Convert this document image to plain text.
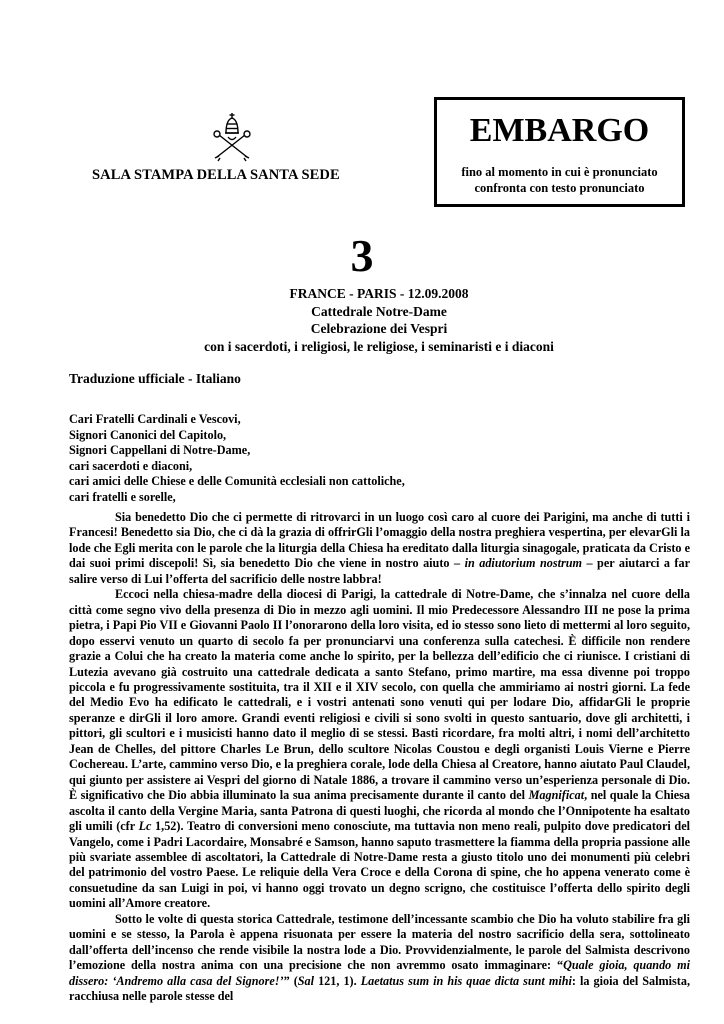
SALA STAMPA DELLA SANTA SEDE
EMBARGO
fino al momento in cui è pronunciato
confronta con testo pronunciato
3
FRANCE - PARIS - 12.09.2008
Cattedrale Notre-Dame
Celebrazione dei Vespri
con i sacerdoti, i religiosi, le religiose, i seminaristi e i diaconi
Traduzione ufficiale - Italiano
Cari Fratelli Cardinali e Vescovi,
Signori Canonici del Capitolo,
Signori Cappellani di Notre-Dame,
cari sacerdoti e diaconi,
cari amici delle Chiese e delle Comunità ecclesiali non cattoliche,
cari fratelli e sorelle,

Sia benedetto Dio che ci permette di ritrovarci in un luogo così caro al cuore dei Parigini, ma anche di tutti i Francesi! Benedetto sia Dio, che ci dà la grazia di offrirGli l’omaggio della nostra preghiera vespertina, per elevarGli la lode che Egli merita con le parole che la liturgia della Chiesa ha ereditato dalla liturgia sinagogale, praticata da Cristo e dai suoi primi discepoli! Sì, sia benedetto Dio che viene in nostro aiuto – in adiutorium nostrum – per aiutarci a far salire verso di Lui l’offerta del sacrificio delle nostre labbra!

Eccoci nella chiesa-madre della diocesi di Parigi, la cattedrale di Notre-Dame, che s’innalza nel cuore della città come segno vivo della presenza di Dio in mezzo agli uomini. Il mio Predecessore Alessandro III ne pose la prima pietra, i Papi Pio VII e Giovanni Paolo II l’onorarono della loro visita, ed io stesso sono lieto di mettermi al loro seguito, dopo esservi venuto un quarto di secolo fa per pronunciarvi una conferenza sulla catechesi. È difficile non rendere grazie a Colui che ha creato la materia come anche lo spirito, per la bellezza dell’edificio che ci riunisce. I cristiani di Lutezia avevano già costruito una cattedrale dedicata a santo Stefano, primo martire, ma essa divenne poi troppo piccola e fu progressivamente sostituita, tra il XII e il XIV secolo, con quella che ammiriamo ai nostri giorni. La fede del Medio Evo ha edificato le cattedrali, e i vostri antenati sono venuti qui per lodare Dio, affidarGli le proprie speranze e dirGli il loro amore. Grandi eventi religiosi e civili si sono svolti in questo santuario, dove gli architetti, i pittori, gli scultori e i musicisti hanno dato il meglio di se stessi. Basti ricordare, fra molti altri, i nomi dell’architetto Jean de Chelles, del pittore Charles Le Brun, dello scultore Nicolas Coustou e degli organisti Louis Vierne e Pierre Cochereau. L’arte, cammino verso Dio, e la preghiera corale, lode della Chiesa al Creatore, hanno aiutato Paul Claudel, qui giunto per assistere ai Vespri del giorno di Natale 1886, a trovare il cammino verso un’esperienza personale di Dio. È significativo che Dio abbia illuminato la sua anima precisamente durante il canto del Magnificat, nel quale la Chiesa ascolta il canto della Vergine Maria, santa Patrona di questi luoghi, che ricorda al mondo che l’Onnipotente ha esaltato gli umili (cfr Lc 1,52). Teatro di conversioni meno conosciute, ma tuttavia non meno reali, pulpito dove predicatori del Vangelo, come i Padri Lacordaire, Monsabré e Samson, hanno saputo trasmettere la fiamma della propria passione alle più svariate assemblee di ascoltatori, la Cattedrale di Notre-Dame resta a giusto titolo uno dei monumenti più celebri del patrimonio del vostro Paese. Le reliquie della Vera Croce e della Corona di spine, che ho appena venerato come è consuetudine da san Luigi in poi, vi hanno oggi trovato un degno scrigno, che costituisce l’offerta dello spirito degli uomini all’Amore creatore.

Sotto le volte di questa storica Cattedrale, testimone dell’incessante scambio che Dio ha voluto stabilire fra gli uomini e se stesso, la Parola è appena risuonata per essere la materia del nostro sacrificio della sera, sottolineato dall’offerta dell’incenso che rende visibile la nostra lode a Dio. Provvidenzialmente, le parole del Salmista descrivono l’emozione della nostra anima con una precisione che non avremmo osato immaginare: “Quale gioia, quando mi dissero: ‘Andremo alla casa del Signore!’” (Sal 121, 1). Laetatus sum in his quae dicta sunt mihi: la gioia del Salmista, racchiusa nelle parole stesse del
